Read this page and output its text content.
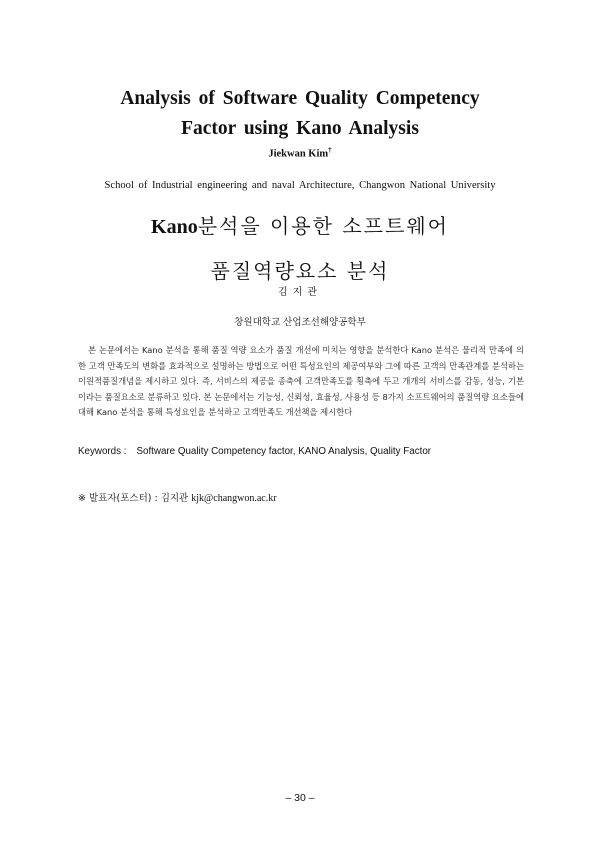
Analysis of Software Quality Competency
Factor using Kano Analysis
Jiekwan Kim†
School of Industrial engineering and naval Architecture, Changwon National University
Kano분석을 이용한 소프트웨어
품질역량요소 분석
김지관
창원대학교 산업조선해양공학부

본 논문에서는 Kano 분석을 통해 품질 역량 요소가 품질 개선에 미치는 영향을 분석한다 Kano 분석은 물리적 만족에 의한 고객 만족도의 변화를 효과적으로 설명하는 방법으로 어떤 특성요인의 제공여부와 그에 따른 고객의 만족관계를 분석하는 이원적품질개념을 제시하고 있다. 즉, 서비스의 제공을 종축에 고객만족도를 횡축에 두고 개개의 서비스를 감동, 성능, 기본이라는 품질요소로 분류하고 있다. 본 논문에서는 기능성, 신뢰성, 효율성, 사용성 등 8가지 소프트웨어의 품질역량 요소들에 대해 Kano 분석을 통해 특성요인을 분석하고 고객만족도 개선책을 제시한다

Keywords : Software Quality Competency factor, KANO Analysis, Quality Factor
※ 발표자(포스터) : 김지관 kjk@changwon.ac.kr
– 30 –
